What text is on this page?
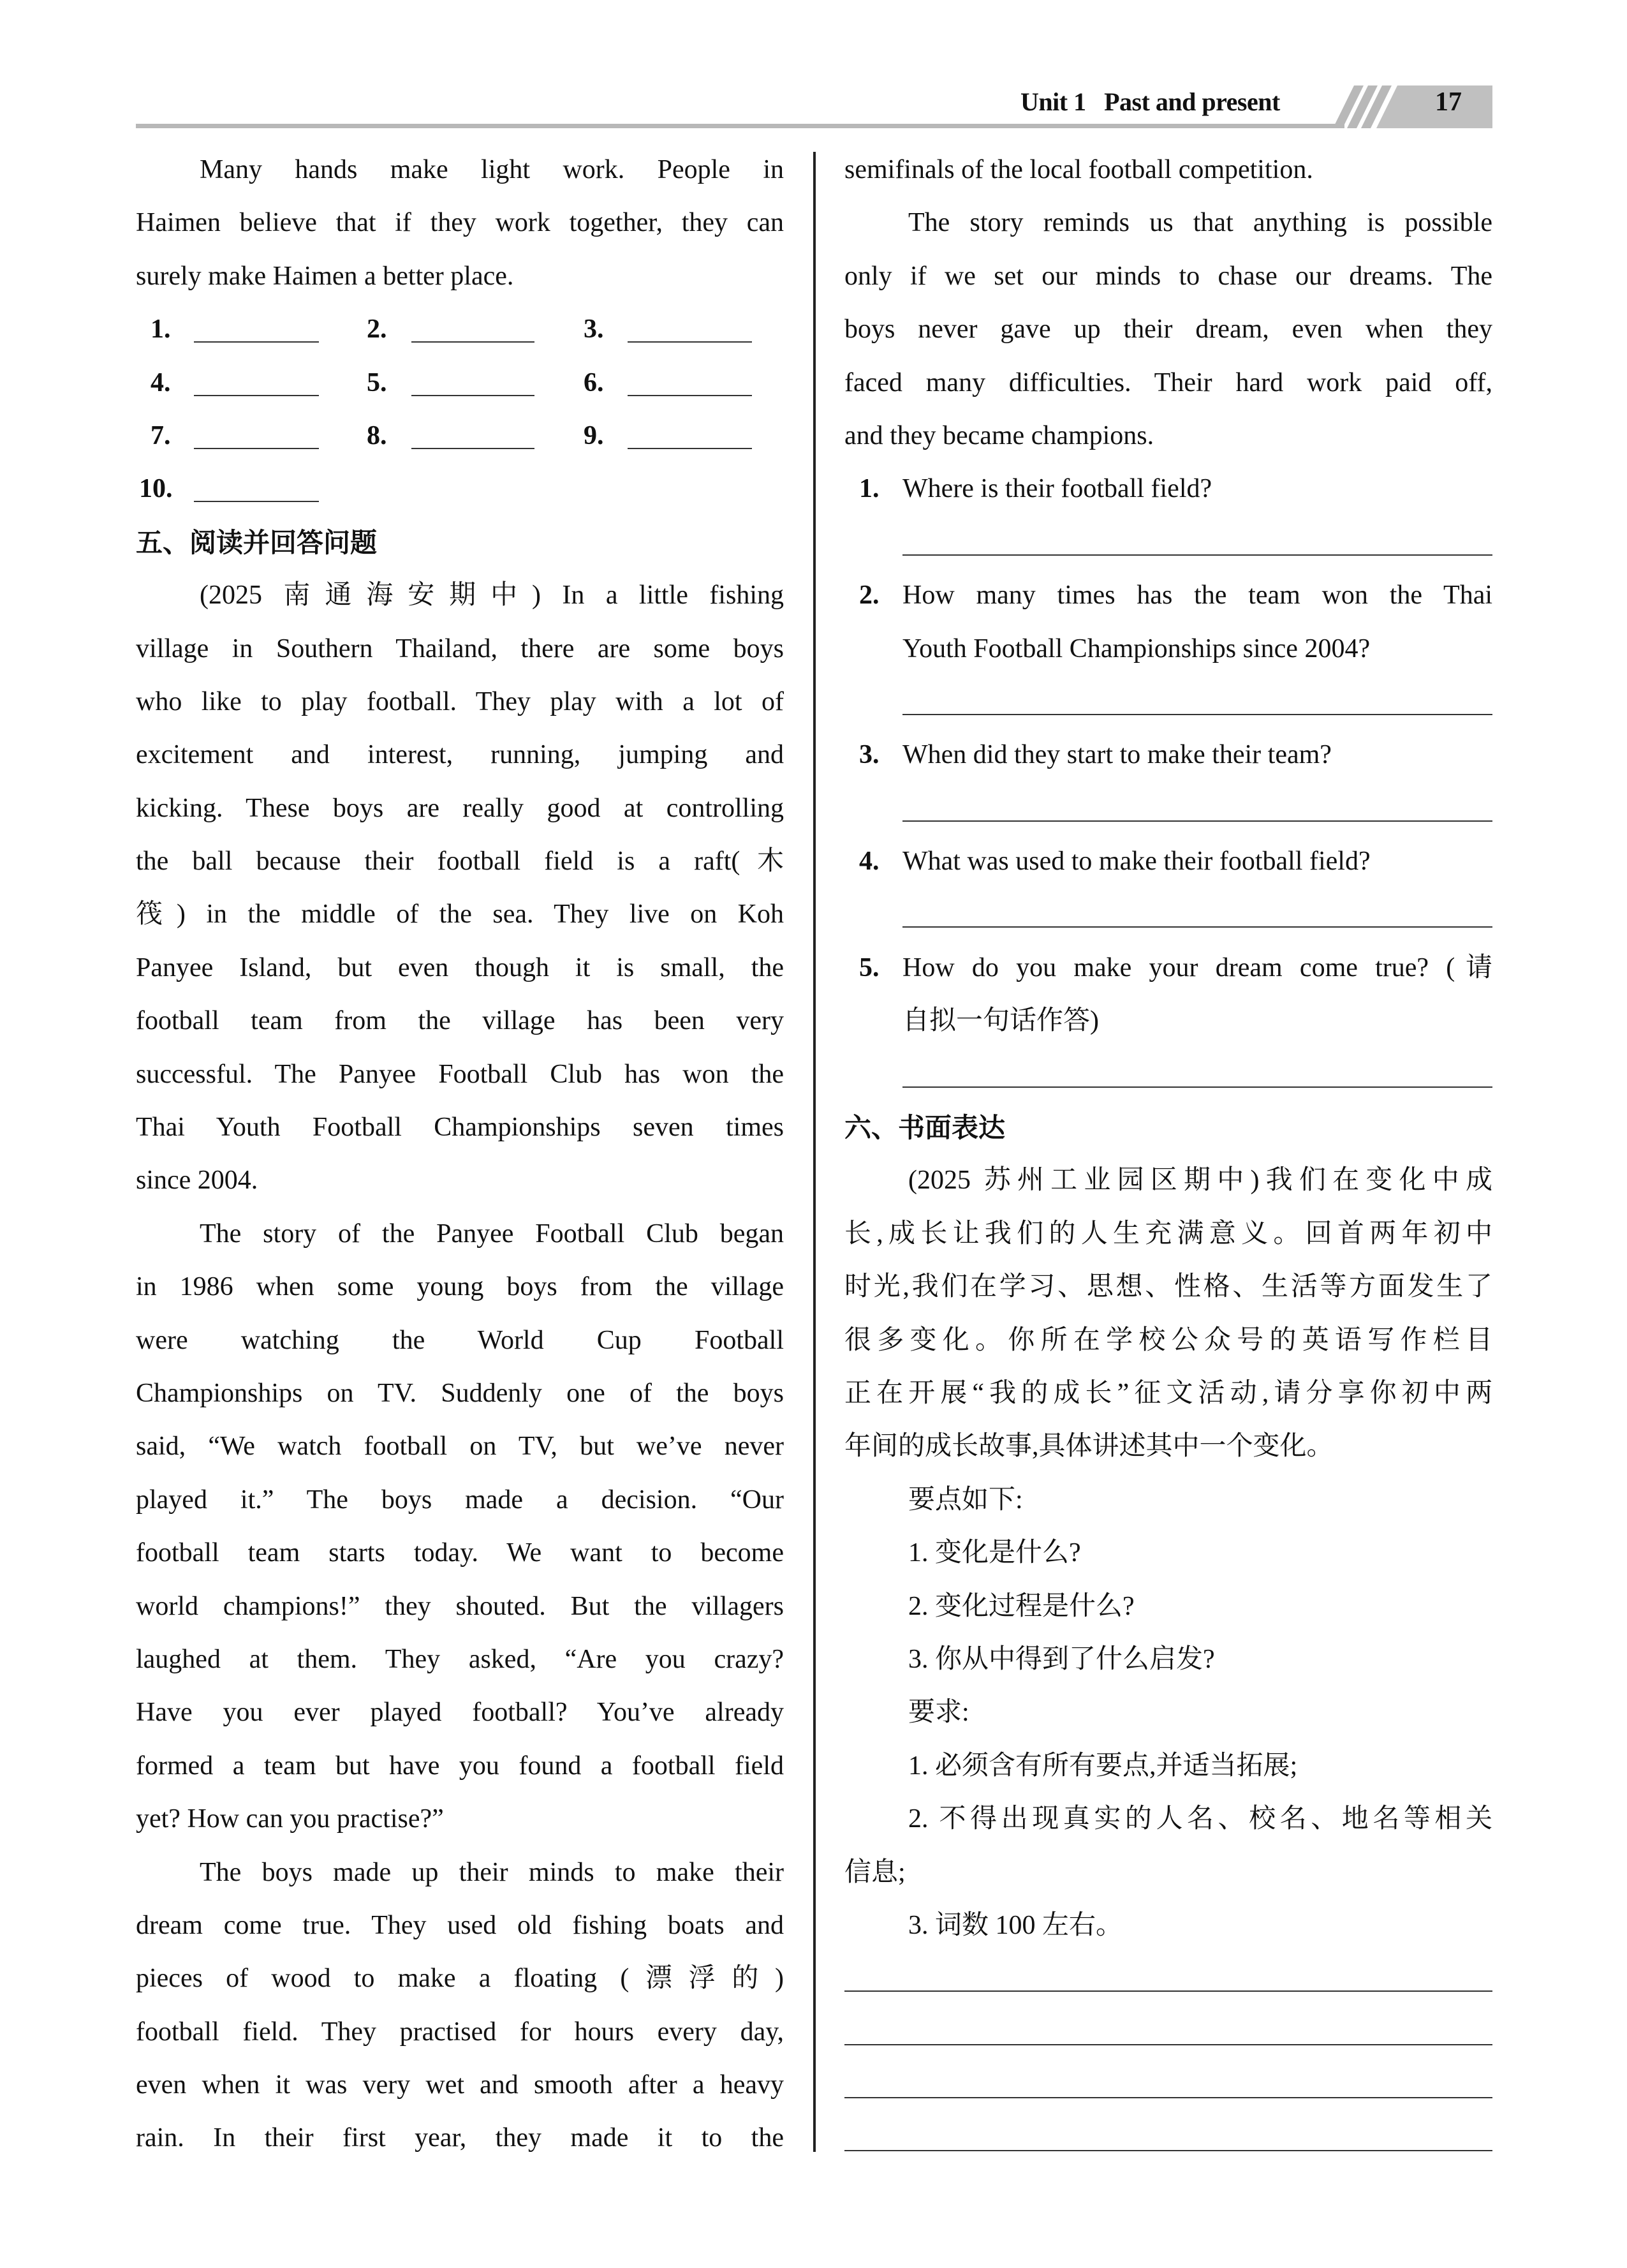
Unit 1   Past and present	17
Many hands make light work. People in
Haimen believe that if they work together, they can
surely make Haimen a better place.
1.	2.	3.
4.	5.	6.
7.	8.	9.
10.
五、阅读并回答问题
(2025 南通海安期中) In a little fishing
village in Southern Thailand, there are some boys
who like to play football. They play with a lot of
excitement and interest, running, jumping and
kicking. These boys are really good at controlling
the ball because their football field is a raft(木
筏) in the middle of the sea. They live on Koh
Panyee Island, but even though it is small, the
football team from the village has been very
successful. The Panyee Football Club has won the
Thai Youth Football Championships seven times
since 2004.
The story of the Panyee Football Club began
in 1986 when some young boys from the village
were watching the World Cup Football
Championships on TV. Suddenly one of the boys
said, “We watch football on TV, but we’ve never
played it.” The boys made a decision. “Our
football team starts today. We want to become
world champions!” they shouted. But the villagers
laughed at them. They asked, “Are you crazy?
Have you ever played football? You’ve already
formed a team but have you found a football field
yet? How can you practise?”
The boys made up their minds to make their
dream come true. They used old fishing boats and
pieces of wood to make a floating (漂浮的)
football field. They practised for hours every day,
even when it was very wet and smooth after a heavy
rain. In their first year, they made it to the
semifinals of the local football competition.
The story reminds us that anything is possible
only if we set our minds to chase our dreams. The
boys never gave up their dream, even when they
faced many difficulties. Their hard work paid off,
and they became champions.
1. Where is their football field?
2. How many times has the team won the Thai
Youth Football Championships since 2004?
3. When did they start to make their team?
4. What was used to make their football field?
5. How do you make your dream come true? (请
自拟一句话作答)
六、书面表达
(2025 苏州工业园区期中)我们在变化中成
长,成长让我们的人生充满意义。回首两年初中
时光,我们在学习、思想、性格、生活等方面发生了
很多变化。你所在学校公众号的英语写作栏目
正在开展“我的成长”征文活动,请分享你初中两
年间的成长故事,具体讲述其中一个变化。
要点如下:
1. 变化是什么?
2. 变化过程是什么?
3. 你从中得到了什么启发?
要求:
1. 必须含有所有要点,并适当拓展;
2. 不得出现真实的人名、校名、地名等相关
信息;
3. 词数 100 左右。
